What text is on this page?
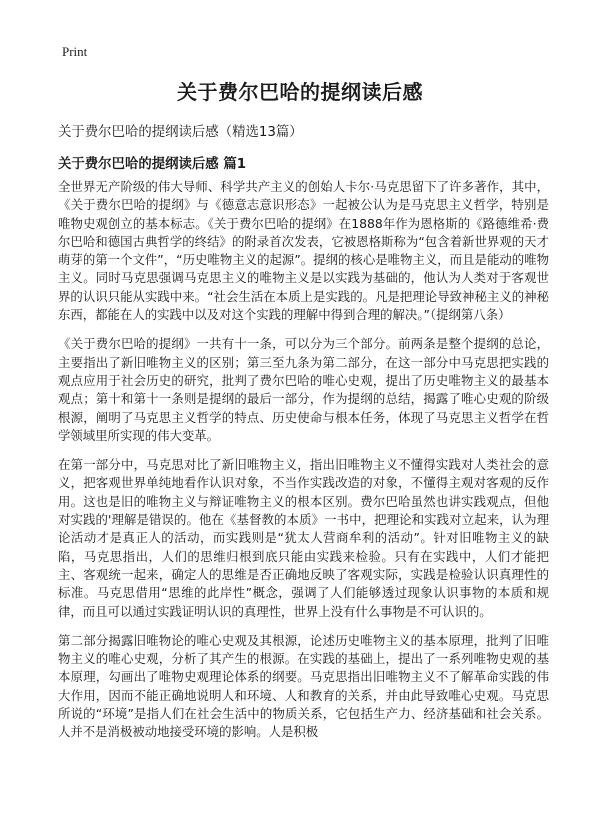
Print
关于费尔巴哈的提纲读后感
关于费尔巴哈的提纲读后感（精选13篇）
关于费尔巴哈的提纲读后感 篇1

全世界无产阶级的伟大导师、科学共产主义的创始人卡尔·马克思留下了许多著作，其中，《关于费尔巴哈的提纲》与《德意志意识形态》一起被公认为是马克思主义哲学，特别是唯物史观创立的基本标志。《关于费尔巴哈的提纲》在1888年作为恩格斯的《路德维希·费尔巴哈和德国古典哲学的终结》的附录首次发表，它被恩格斯称为“包含着新世界观的天才萌芽的第一个文件”，“历史唯物主义的起源”。提纲的核心是唯物主义，而且是能动的唯物主义。同时马克思强调马克思主义的唯物主义是以实践为基础的，他认为人类对于客观世界的认识只能从实践中来。“社会生活在本质上是实践的。凡是把理论导致神秘主义的神秘东西，都能在人的实践中以及对这个实践的理解中得到合理的解决。”（提纲第八条）

《关于费尔巴哈的提纲》一共有十一条，可以分为三个部分。前两条是整个提纲的总论，主要指出了新旧唯物主义的区别；第三至九条为第二部分，在这一部分中马克思把实践的观点应用于社会历史的研究，批判了费尔巴哈的唯心史观，提出了历史唯物主义的最基本观点；第十和第十一条则是提纲的最后一部分，作为提纲的总结，揭露了唯心史观的阶级根源，阐明了马克思主义哲学的特点、历史使命与根本任务，体现了马克思主义哲学在哲学领域里所实现的伟大变革。

在第一部分中，马克思对比了新旧唯物主义，指出旧唯物主义不懂得实践对人类社会的意义，把客观世界单纯地看作认识对象，不当作实践改造的对象，不懂得主观对客观的反作用。这也是旧的唯物主义与辩证唯物主义的根本区别。费尔巴哈虽然也讲实践观点，但他对实践的'理解是错误的。他在《基督教的本质》一书中，把理论和实践对立起来，认为理论活动才是真正人的活动，而实践则是“犹太人营商牟利的活动”。针对旧唯物主义的缺陷，马克思指出，人们的思维归根到底只能由实践来检验。只有在实践中，人们才能把主、客观统一起来，确定人的思维是否正确地反映了客观实际，实践是检验认识真理性的标准。马克思借用“思维的此岸性”概念，强调了人们能够透过现象认识事物的本质和规律，而且可以通过实践证明认识的真理性，世界上没有什么事物是不可认识的。

第二部分揭露旧唯物论的唯心史观及其根源，论述历史唯物主义的基本原理，批判了旧唯物主义的唯心史观，分析了其产生的根源。在实践的基础上，提出了一系列唯物史观的基本原理，勾画出了唯物史观理论体系的纲要。马克思指出旧唯物主义不了解革命实践的伟大作用，因而不能正确地说明人和环境、人和教育的关系，并由此导致唯心史观。马克思所说的“环境”是指人们在社会生活中的物质关系，它包括生产力、经济基础和社会关系。人并不是消极被动地接受环境的影响。人是积极
